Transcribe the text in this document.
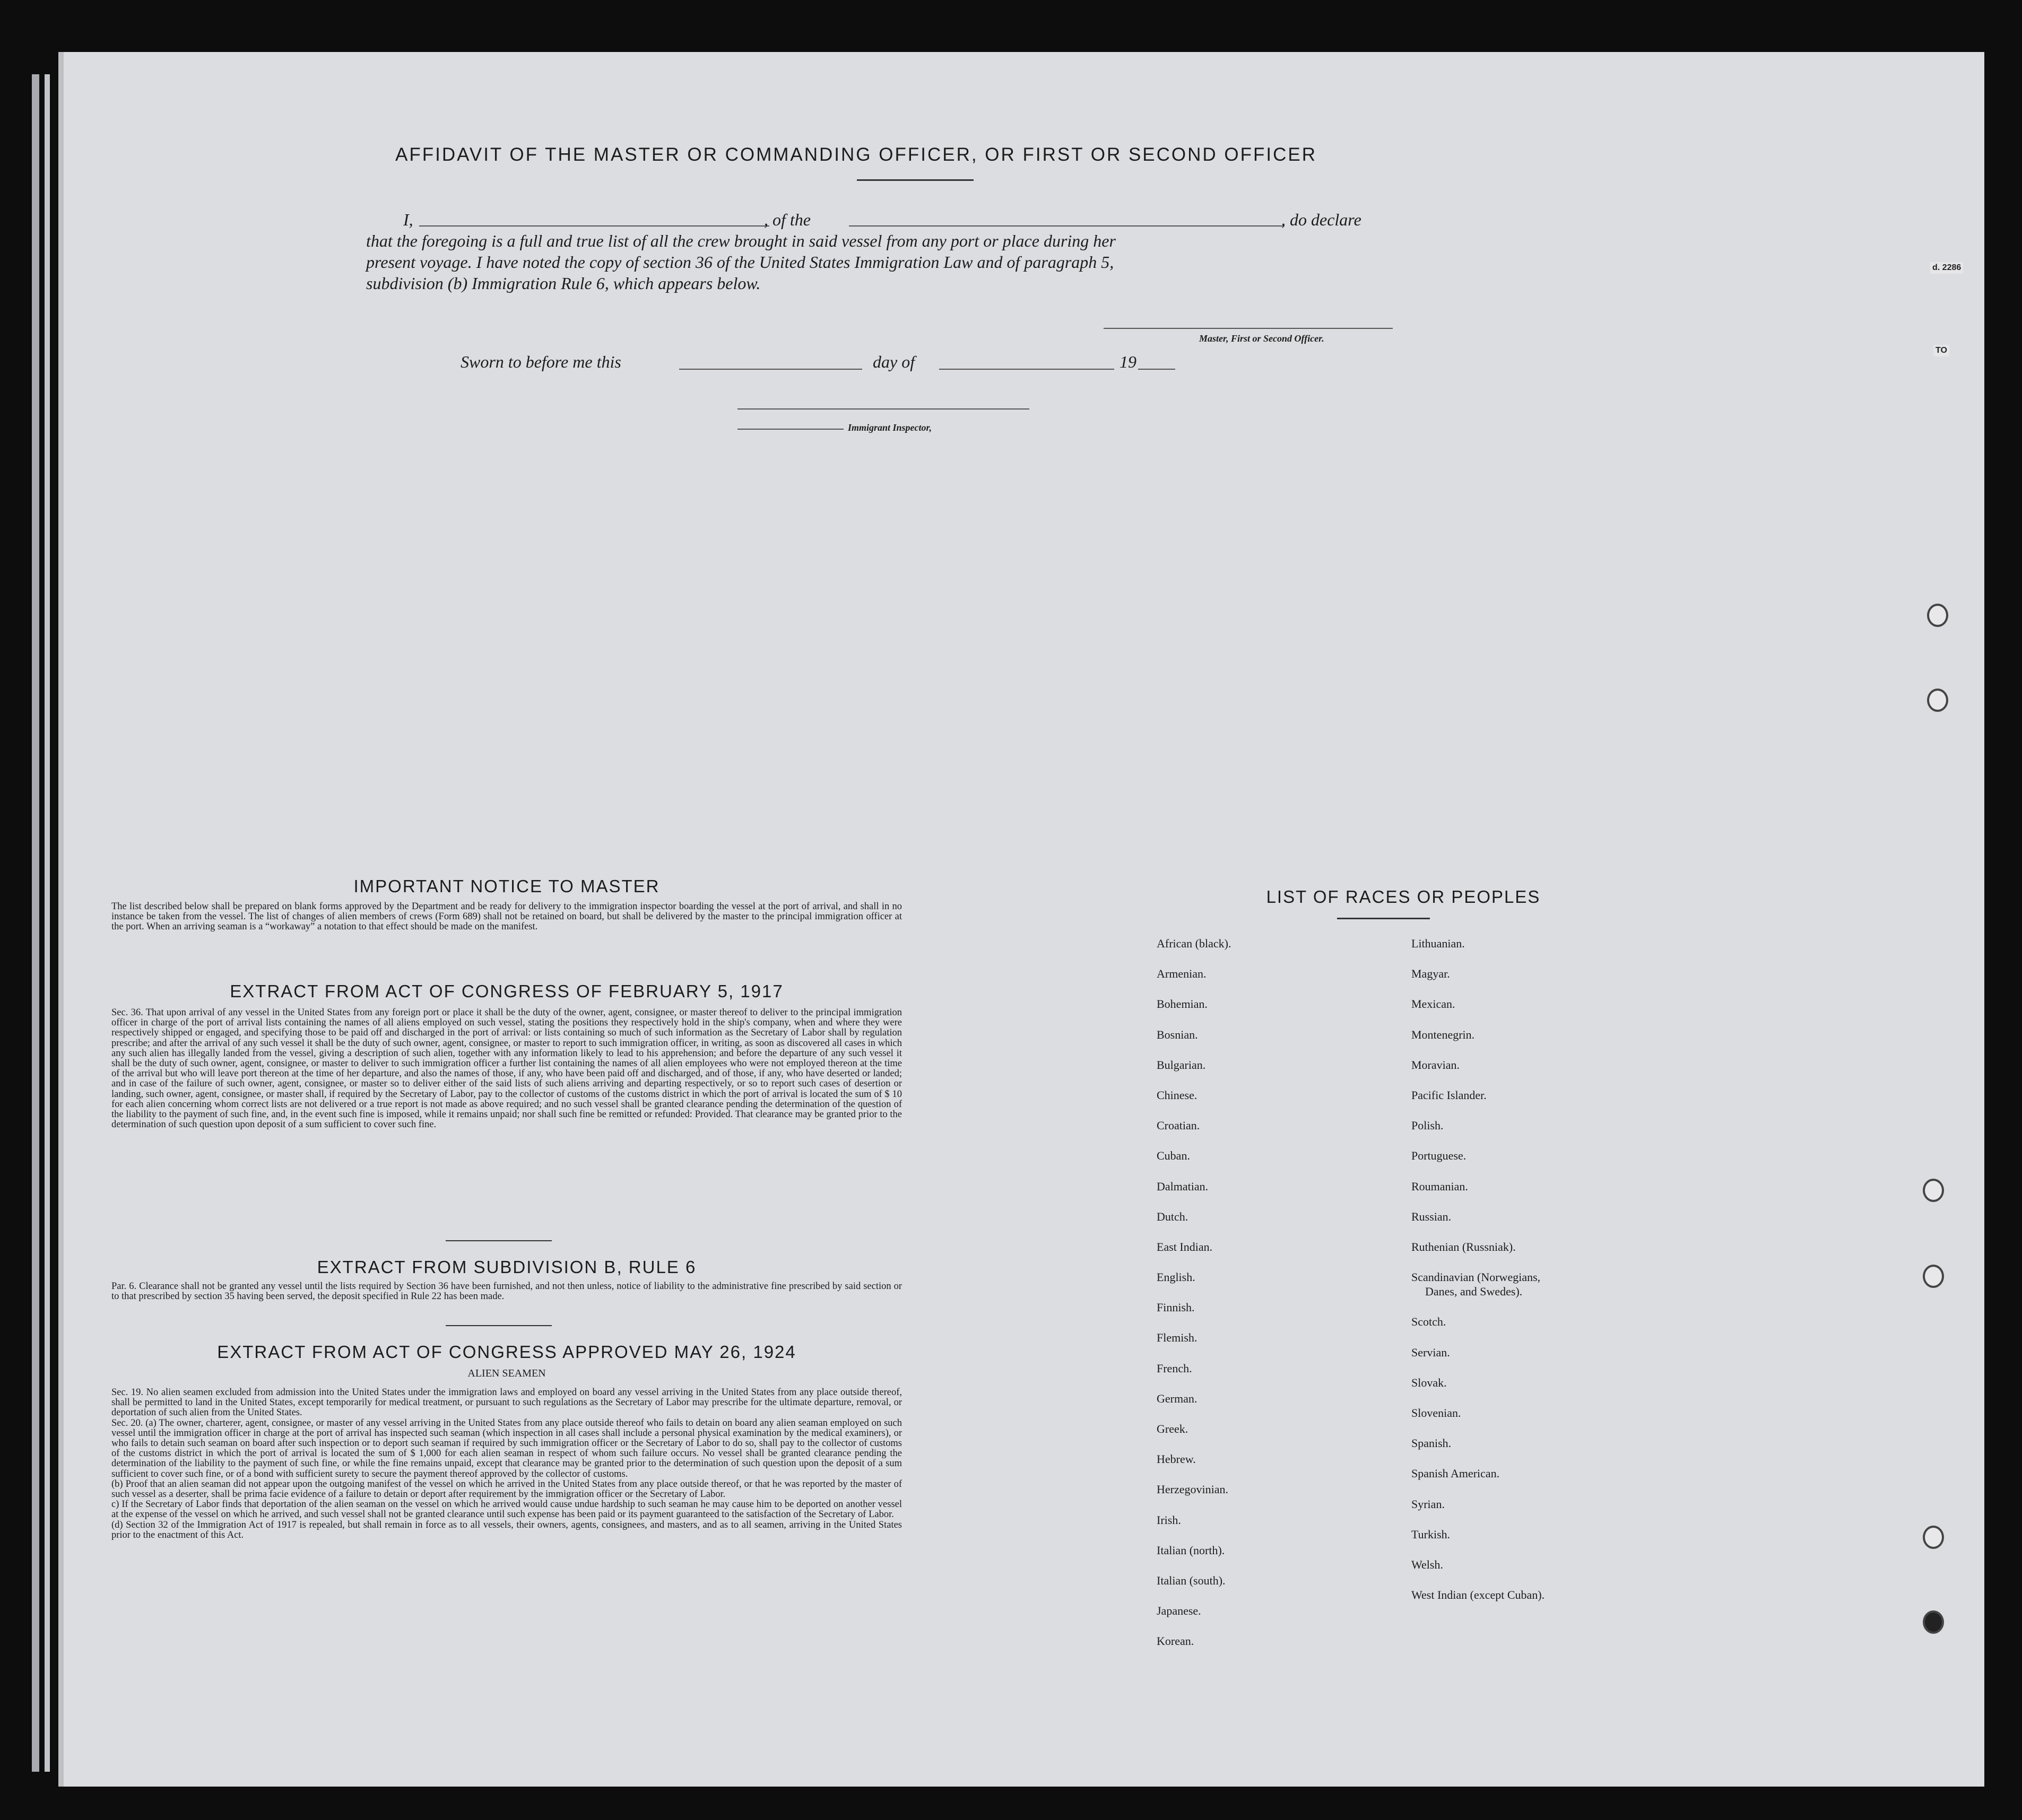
AFFIDAVIT OF THE MASTER OR COMMANDING OFFICER, OR FIRST OR SECOND OFFICER
I,	, of the	, do declare
that the foregoing is a full and true list of all the crew brought in said vessel from any port or place during her
present voyage. I have noted the copy of section 36 of the United States Immigration Law and of paragraph 5,
subdivision (b) Immigration Rule 6, which appears below.
Master, First or Second Officer.
Sworn to before me this	day of	19
Immigrant Inspector,
IMPORTANT NOTICE TO MASTER

The list described below shall be prepared on blank forms approved by the Department and be ready for delivery to the immigration inspector boarding the vessel at the port of arrival, and shall in no instance be taken from the vessel. The list of changes of alien members of crews (Form 689) shall not be retained on board, but shall be delivered by the master to the principal immigration officer at the port. When an arriving seaman is a “workaway” a notation to that effect should be made on the manifest.

EXTRACT FROM ACT OF CONGRESS OF FEBRUARY 5, 1917

Sec. 36. That upon arrival of any vessel in the United States from any foreign port or place it shall be the duty of the owner, agent, consignee, or master thereof to deliver to the principal immigration officer in charge of the port of arrival lists containing the names of all aliens employed on such vessel, stating the positions they respectively hold in the ship's company, when and where they were respectively shipped or engaged, and specifying those to be paid off and discharged in the port of arrival: or lists containing so much of such information as the Secretary of Labor shall by regulation prescribe; and after the arrival of any such vessel it shall be the duty of such owner, agent, consignee, or master to report to such immigration officer, in writing, as soon as discovered all cases in which any such alien has illegally landed from the vessel, giving a description of such alien, together with any information likely to lead to his apprehension; and before the departure of any such vessel it shall be the duty of such owner, agent, consignee, or master to deliver to such immigration officer a further list containing the names of all alien employees who were not employed thereon at the time of the arrival but who will leave port thereon at the time of her departure, and also the names of those, if any, who have been paid off and discharged, and of those, if any, who have deserted or landed; and in case of the failure of such owner, agent, consignee, or master so to deliver either of the said lists of such aliens arriving and departing respectively, or so to report such cases of desertion or landing, such owner, agent, consignee, or master shall, if required by the Secretary of Labor, pay to the collector of customs of the customs district in which the port of arrival is located the sum of $ 10 for each alien concerning whom correct lists are not delivered or a true report is not made as above required; and no such vessel shall be granted clearance pending the determination of the question of the liability to the payment of such fine, and, in the event such fine is imposed, while it remains unpaid; nor shall such fine be remitted or refunded: Provided. That clearance may be granted prior to the determination of such question upon deposit of a sum sufficient to cover such fine.

EXTRACT FROM SUBDIVISION B, RULE 6

Par. 6. Clearance shall not be granted any vessel until the lists required by Section 36 have been furnished, and not then unless, notice of liability to the administrative fine prescribed by said section or to that prescribed by section 35 having been served, the deposit specified in Rule 22 has been made.

EXTRACT FROM ACT OF CONGRESS APPROVED MAY 26, 1924
ALIEN SEAMEN

Sec. 19. No alien seamen excluded from admission into the United States under the immigration laws and employed on board any vessel arriving in the United States from any place outside thereof, shall be permitted to land in the United States, except temporarily for medical treatment, or pursuant to such regulations as the Secretary of Labor may prescribe for the ultimate departure, removal, or deportation of such alien from the United States.

Sec. 20. (a) The owner, charterer, agent, consignee, or master of any vessel arriving in the United States from any place outside thereof who fails to detain on board any alien seaman employed on such vessel until the immigration officer in charge at the port of arrival has inspected such seaman (which inspection in all cases shall include a personal physical examination by the medical examiners), or who fails to detain such seaman on board after such inspection or to deport such seaman if required by such immigration officer or the Secretary of Labor to do so, shall pay to the collector of customs of the customs district in which the port of arrival is located the sum of $ 1,000 for each alien seaman in respect of whom such failure occurs. No vessel shall be granted clearance pending the determination of the liability to the payment of such fine, or while the fine remains unpaid, except that clearance may be granted prior to the determination of such question upon the deposit of a sum sufficient to cover such fine, or of a bond with sufficient surety to secure the payment thereof approved by the collector of customs.

(b) Proof that an alien seaman did not appear upon the outgoing manifest of the vessel on which he arrived in the United States from any place outside thereof, or that he was reported by the master of such vessel as a deserter, shall be prima facie evidence of a failure to detain or deport after requirement by the immigration officer or the Secretary of Labor.

c) If the Secretary of Labor finds that deportation of the alien seaman on the vessel on which he arrived would cause undue hardship to such seaman he may cause him to be deported on another vessel at the expense of the vessel on which he arrived, and such vessel shall not be granted clearance until such expense has been paid or its payment guaranteed to the satisfaction of the Secretary of Labor.

(d) Section 32 of the Immigration Act of 1917 is repealed, but shall remain in force as to all vessels, their owners, agents, consignees, and masters, and as to all seamen, arriving in the United States prior to the enactment of this Act.

LIST OF RACES OR PEOPLES
African (black).
Armenian.
Bohemian.
Bosnian.
Bulgarian.
Chinese.
Croatian.
Cuban.
Dalmatian.
Dutch.
East Indian.
English.
Finnish.
Flemish.
French.
German.
Greek.
Hebrew.
Herzegovinian.
Irish.
Italian (north).
Italian (south).
Japanese.
Korean.
Lithuanian.
Magyar.
Mexican.
Montenegrin.
Moravian.
Pacific Islander.
Polish.
Portuguese.
Roumanian.
Russian.
Ruthenian (Russniak).
Scandinavian (Norwegians,
Danes, and Swedes).
Scotch.
Servian.
Slovak.
Slovenian.
Spanish.
Spanish American.
Syrian.
Turkish.
Welsh.
West Indian (except Cuban).
d. 2286
TO
